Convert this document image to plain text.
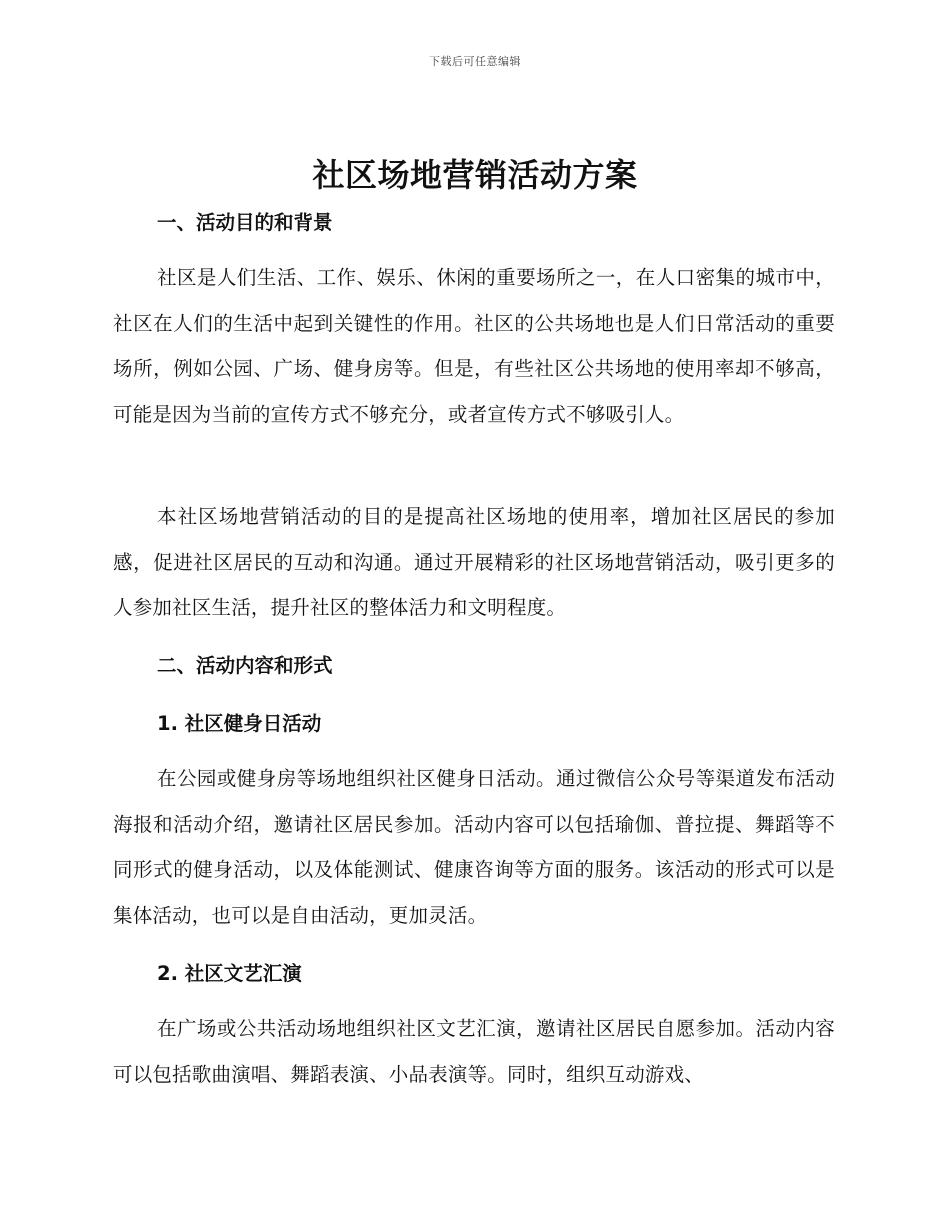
下载后可任意编辑
社区场地营销活动方案
一、活动目的和背景
社区是人们生活、工作、娱乐、休闲的重要场所之一，在人口密集的城市中，社区在人们的生活中起到关键性的作用。社区的公共场地也是人们日常活动的重要场所，例如公园、广场、健身房等。但是，有些社区公共场地的使用率却不够高，可能是因为当前的宣传方式不够充分，或者宣传方式不够吸引人。
本社区场地营销活动的目的是提高社区场地的使用率，增加社区居民的参加感，促进社区居民的互动和沟通。通过开展精彩的社区场地营销活动，吸引更多的人参加社区生活，提升社区的整体活力和文明程度。
二、活动内容和形式
1. 社区健身日活动
在公园或健身房等场地组织社区健身日活动。通过微信公众号等渠道发布活动海报和活动介绍，邀请社区居民参加。活动内容可以包括瑜伽、普拉提、舞蹈等不同形式的健身活动，以及体能测试、健康咨询等方面的服务。该活动的形式可以是集体活动，也可以是自由活动，更加灵活。
2. 社区文艺汇演
在广场或公共活动场地组织社区文艺汇演，邀请社区居民自愿参加。活动内容可以包括歌曲演唱、舞蹈表演、小品表演等。同时，组织互动游戏、
